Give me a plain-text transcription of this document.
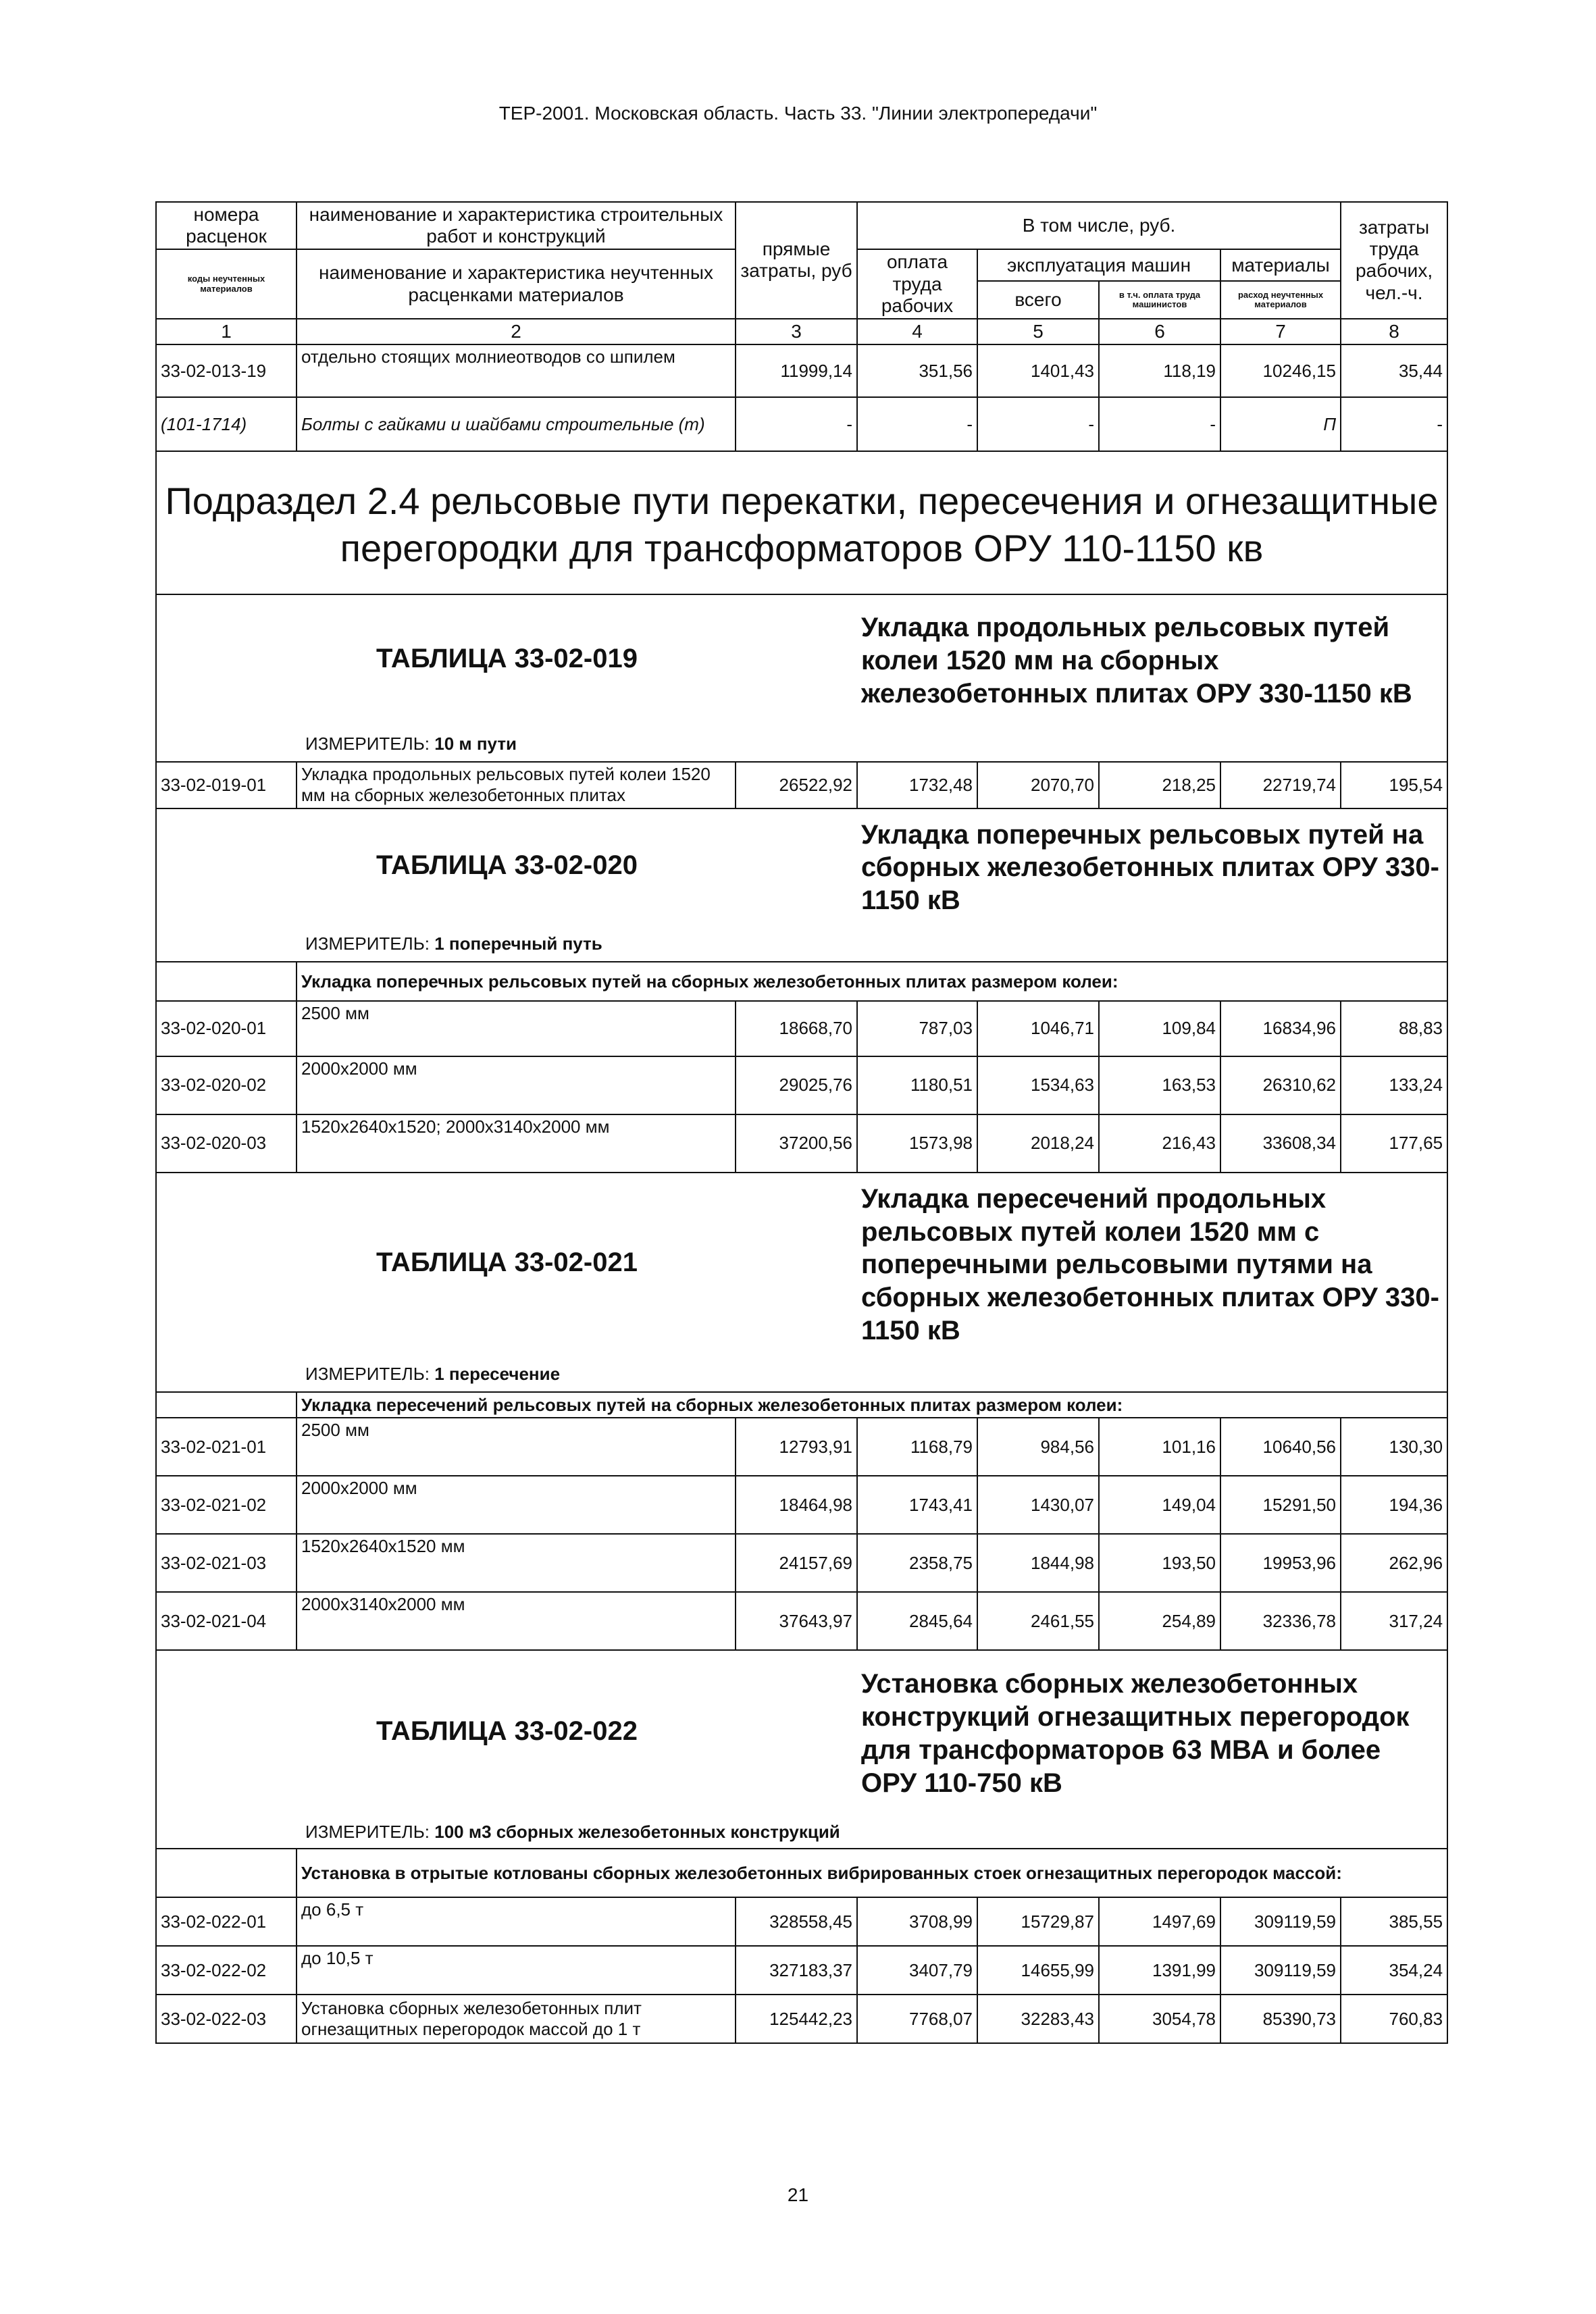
ТЕР-2001. Московская область. Часть 33. "Линии электропередачи"
номера расценок	наименование и характеристика строительных работ и конструкций	прямые затраты, руб	В том числе, руб.				затраты труда рабочих, чел.-ч.
коды неучтенных материалов	наименование и характеристика неучтенных расценками материалов		оплата труда рабочих	эксплуатация машин		материалы	
				всего	в т.ч. оплата труда машинистов	расход неучтенных материалов	
1	2	3	4	5	6	7	8
33-02-013-19	отдельно стоящих молниеотводов со шпилем	11999,14	351,56	1401,43	118,19	10246,15	35,44
(101-1714)	Болты с гайками и шайбами строительные (т)	-	-	-	-	П	-
Подраздел 2.4 рельсовые пути перекатки, пересечения и огнезащитные перегородки для трансформаторов ОРУ 110-1150 кв							
ТАБЛИЦА 33-02-019			Укладка продольных рельсовых путей колеи 1520 мм на сборных железобетонных плитах ОРУ 330-1150 кВ				
ИЗМЕРИТЕЛЬ: 10 м пути							
33-02-019-01	Укладка продольных рельсовых путей колеи 1520 мм на сборных железобетонных плитах	26522,92	1732,48	2070,70	218,25	22719,74	195,54
ТАБЛИЦА 33-02-020			Укладка поперечных рельсовых путей на сборных железобетонных плитах ОРУ 330-1150 кВ				
ИЗМЕРИТЕЛЬ: 1 поперечный путь							
	Укладка поперечных рельсовых путей на сборных железобетонных плитах размером колеи:						
33-02-020-01	2500 мм	18668,70	787,03	1046,71	109,84	16834,96	88,83
33-02-020-02	2000x2000 мм	29025,76	1180,51	1534,63	163,53	26310,62	133,24
33-02-020-03	1520x2640x1520; 2000x3140x2000 мм	37200,56	1573,98	2018,24	216,43	33608,34	177,65
ТАБЛИЦА 33-02-021			Укладка пересечений продольных рельсовых путей колеи 1520 мм с поперечными рельсовыми путями на сборных железобетонных плитах ОРУ 330-1150 кВ				
ИЗМЕРИТЕЛЬ: 1 пересечение							
	Укладка пересечений рельсовых путей на сборных железобетонных плитах размером колеи:						
33-02-021-01	2500 мм	12793,91	1168,79	984,56	101,16	10640,56	130,30
33-02-021-02	2000x2000 мм	18464,98	1743,41	1430,07	149,04	15291,50	194,36
33-02-021-03	1520x2640x1520 мм	24157,69	2358,75	1844,98	193,50	19953,96	262,96
33-02-021-04	2000x3140x2000 мм	37643,97	2845,64	2461,55	254,89	32336,78	317,24
ТАБЛИЦА 33-02-022			Установка сборных железобетонных конструкций огнезащитных перегородок для трансформаторов 63 МВА и более ОРУ 110-750 кВ				
ИЗМЕРИТЕЛЬ: 100 м3 сборных железобетонных конструкций							
	Установка в отрытые котлованы сборных железобетонных вибрированных стоек огнезащитных перегородок массой:						
33-02-022-01	до 6,5 т	328558,45	3708,99	15729,87	1497,69	309119,59	385,55
33-02-022-02	до 10,5 т	327183,37	3407,79	14655,99	1391,99	309119,59	354,24
33-02-022-03	Установка сборных железобетонных плит огнезащитных перегородок массой до 1 т	125442,23	7768,07	32283,43	3054,78	85390,73	760,83
21
